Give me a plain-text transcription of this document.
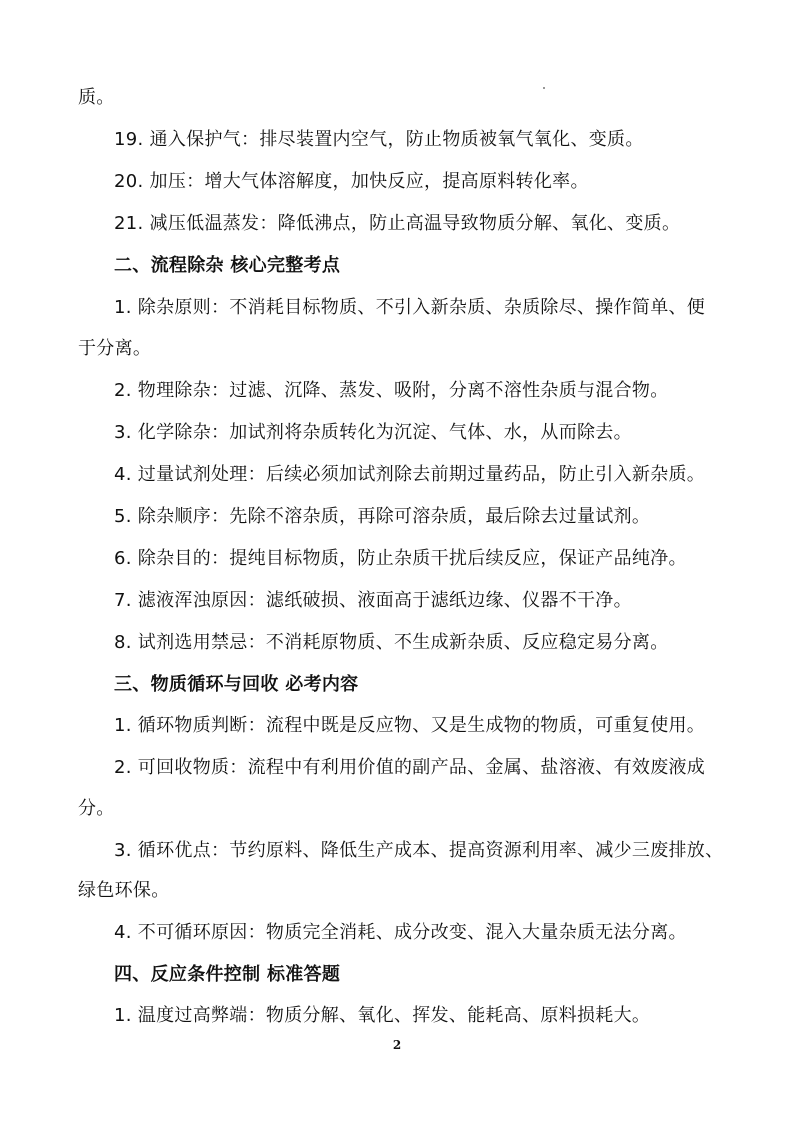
质。
19. 通入保护气：排尽装置内空气，防止物质被氧气氧化、变质。
20. 加压：增大气体溶解度，加快反应，提高原料转化率。
21. 减压低温蒸发：降低沸点，防止高温导致物质分解、氧化、变质。
二、流程除杂 核心完整考点
1. 除杂原则：不消耗目标物质、不引入新杂质、杂质除尽、操作简单、便
于分离。
2. 物理除杂：过滤、沉降、蒸发、吸附，分离不溶性杂质与混合物。
3. 化学除杂：加试剂将杂质转化为沉淀、气体、水，从而除去。
4. 过量试剂处理：后续必须加试剂除去前期过量药品，防止引入新杂质。
5. 除杂顺序：先除不溶杂质，再除可溶杂质，最后除去过量试剂。
6. 除杂目的：提纯目标物质，防止杂质干扰后续反应，保证产品纯净。
7. 滤液浑浊原因：滤纸破损、液面高于滤纸边缘、仪器不干净。
8. 试剂选用禁忌：不消耗原物质、不生成新杂质、反应稳定易分离。
三、物质循环与回收 必考内容
1. 循环物质判断：流程中既是反应物、又是生成物的物质，可重复使用。
2. 可回收物质：流程中有利用价值的副产品、金属、盐溶液、有效废液成
分。
3. 循环优点：节约原料、降低生产成本、提高资源利用率、减少三废排放、
绿色环保。
4. 不可循环原因：物质完全消耗、成分改变、混入大量杂质无法分离。
四、反应条件控制 标准答题
1. 温度过高弊端：物质分解、氧化、挥发、能耗高、原料损耗大。
2
